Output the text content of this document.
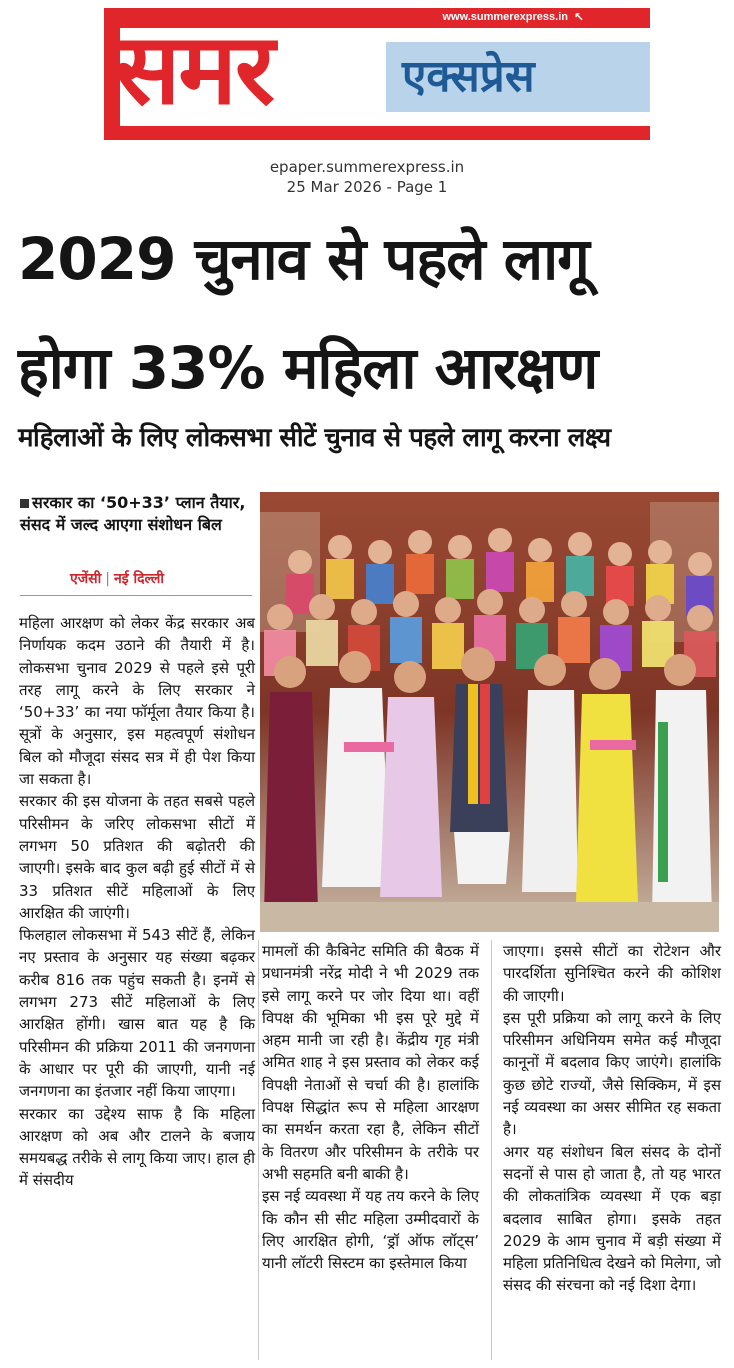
समर	एक्सप्रेस
www.summerexpress.in ↖
epaper.summerexpress.in
25 Mar 2026 - Page 1
2029 चुनाव से पहले लागू
होगा 33% महिला आरक्षण
महिलाओं के लिए लोकसभा सीटें चुनाव से पहले लागू करना लक्ष्य
सरकार का ‘50+33’ प्लान तैयार, संसद में जल्द आएगा संशोधन बिल
एजेंसी | नई दिल्ली

महिला आरक्षण को लेकर केंद्र सरकार अब निर्णायक कदम उठाने की तैयारी में है। लोकसभा चुनाव 2029 से पहले इसे पूरी तरह लागू करने के लिए सरकार ने ‘50+33’ का नया फॉर्मूला तैयार किया है। सूत्रों के अनुसार, इस महत्वपूर्ण संशोधन बिल को मौजूदा संसद सत्र में ही पेश किया जा सकता है।

सरकार की इस योजना के तहत सबसे पहले परिसीमन के जरिए लोकसभा सीटों में लगभग 50 प्रतिशत की बढ़ोतरी की जाएगी। इसके बाद कुल बढ़ी हुई सीटों में से 33 प्रतिशत सीटें महिलाओं के लिए आरक्षित की जाएंगी।

फिलहाल लोकसभा में 543 सीटें हैं, लेकिन नए प्रस्ताव के अनुसार यह संख्या बढ़कर करीब 816 तक पहुंच सकती है। इनमें से लगभग 273 सीटें महिलाओं के लिए आरक्षित होंगी। खास बात यह है कि परिसीमन की प्रक्रिया 2011 की जनगणना के आधार पर पूरी की जाएगी, यानी नई जनगणना का इंतजार नहीं किया जाएगा।

सरकार का उद्देश्य साफ है कि महिला आरक्षण को अब और टालने के बजाय समयबद्ध तरीके से लागू किया जाए। हाल ही में संसदीय

मामलों की कैबिनेट समिति की बैठक में प्रधानमंत्री नरेंद्र मोदी ने भी 2029 तक इसे लागू करने पर जोर दिया था। वहीं विपक्ष की भूमिका भी इस पूरे मुद्दे में अहम मानी जा रही है। केंद्रीय गृह मंत्री अमित शाह ने इस प्रस्ताव को लेकर कई विपक्षी नेताओं से चर्चा की है। हालांकि विपक्ष सिद्धांत रूप से महिला आरक्षण का समर्थन करता रहा है, लेकिन सीटों के वितरण और परिसीमन के तरीके पर अभी सहमति बनी बाकी है।

इस नई व्यवस्था में यह तय करने के लिए कि कौन सी सीट महिला उम्मीदवारों के लिए आरक्षित होगी, ‘ड्रॉ ऑफ लॉट्स’ यानी लॉटरी सिस्टम का इस्तेमाल किया

जाएगा। इससे सीटों का रोटेशन और पारदर्शिता सुनिश्चित करने की कोशिश की जाएगी।

इस पूरी प्रक्रिया को लागू करने के लिए परिसीमन अधिनियम समेत कई मौजूदा कानूनों में बदलाव किए जाएंगे। हालांकि कुछ छोटे राज्यों, जैसे सिक्किम, में इस नई व्यवस्था का असर सीमित रह सकता है।

अगर यह संशोधन बिल संसद के दोनों सदनों से पास हो जाता है, तो यह भारत की लोकतांत्रिक व्यवस्था में एक बड़ा बदलाव साबित होगा। इसके तहत 2029 के आम चुनाव में बड़ी संख्या में महिला प्रतिनिधित्व देखने को मिलेगा, जो संसद की संरचना को नई दिशा देगा।
